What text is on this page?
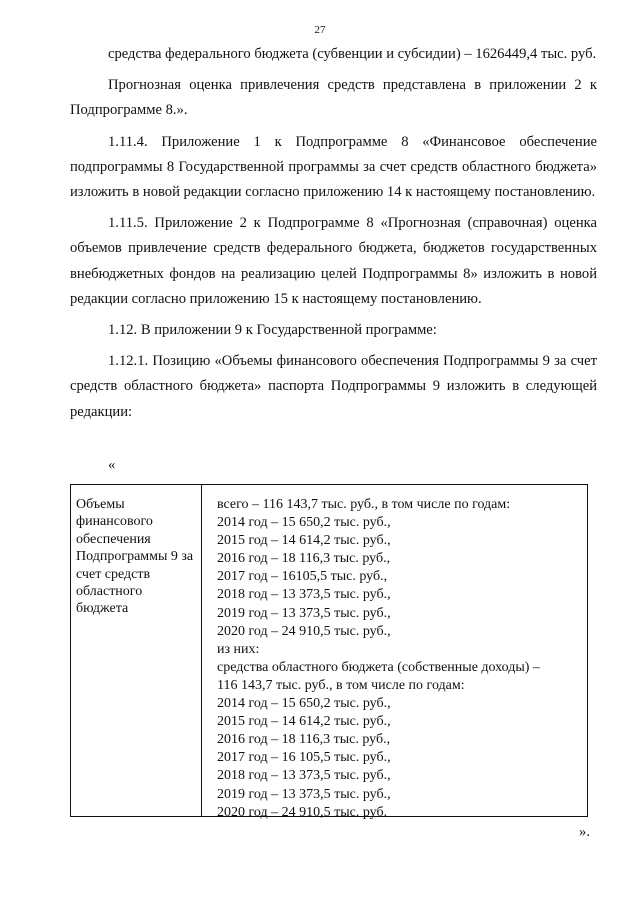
27

средства федерального бюджета (субвенции и субсидии) – 1626449,4 тыс. руб.

Прогнозная оценка привлечения средств представлена в приложении 2 к Подпрограмме 8.».

1.11.4. Приложение 1 к Подпрограмме 8 «Финансовое обеспечение подпрограммы 8 Государственной программы за счет средств областного бюджета» изложить в новой редакции согласно приложению 14 к настоящему постановлению.

1.11.5. Приложение 2 к Подпрограмме 8 «Прогнозная (справочная) оценка объемов привлечение средств федерального бюджета, бюджетов государственных внебюджетных фондов на реализацию целей Подпрограммы 8» изложить в новой редакции согласно приложению 15 к настоящему постановлению.

1.12. В приложении 9 к Государственной программе:

1.12.1. Позицию «Объемы финансового обеспечения Подпрограммы 9 за счет средств областного бюджета» паспорта Подпрограммы 9 изложить в следующей редакции:

«
Объемы финансового обеспечения Подпрограммы 9 за счет средств областного бюджета
всего – 116 143,7 тыс. руб., в том числе по годам:
2014 год – 15 650,2 тыс. руб.,
2015 год – 14 614,2 тыс. руб.,
2016 год – 18 116,3 тыс. руб.,
2017 год – 16105,5 тыс. руб.,
2018 год – 13 373,5 тыс. руб.,
2019 год – 13 373,5 тыс. руб.,
2020 год – 24 910,5 тыс. руб.,
из них:
средства областного бюджета (собственные доходы) –
116 143,7 тыс. руб., в том числе по годам:
2014 год – 15 650,2 тыс. руб.,
2015 год – 14 614,2 тыс. руб.,
2016 год – 18 116,3 тыс. руб.,
2017 год – 16 105,5 тыс. руб.,
2018 год – 13 373,5 тыс. руб.,
2019 год – 13 373,5 тыс. руб.,
2020 год – 24 910,5 тыс. руб.
».
